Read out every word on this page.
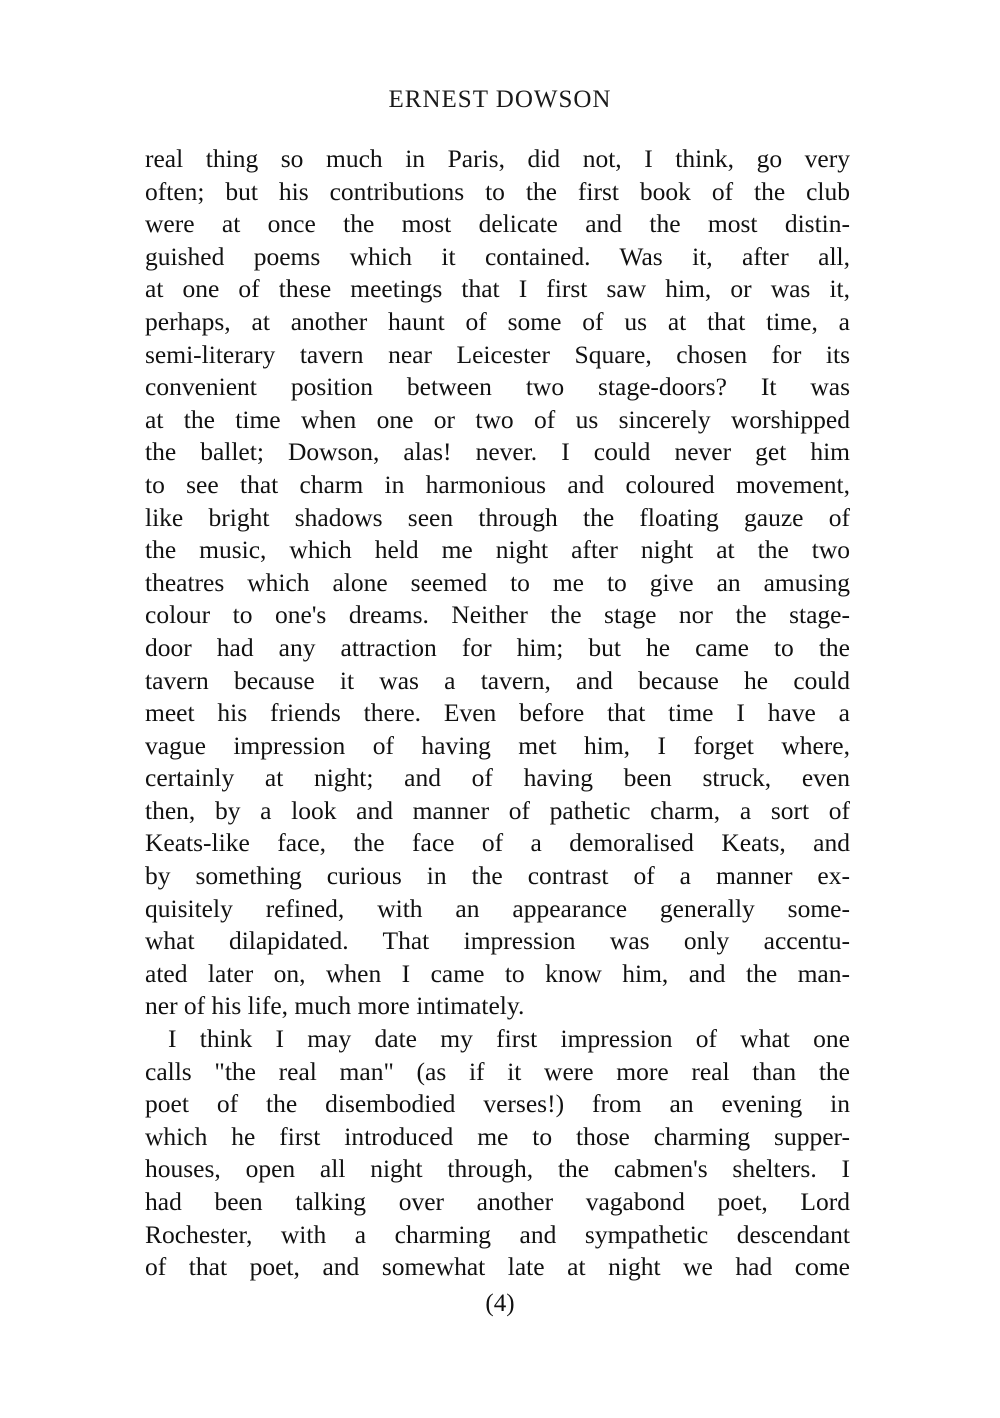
ERNEST DOWSON
real thing so much in Paris, did not, I think, go very
often; but his contributions to the first book of the club
were at once the most delicate and the most distin-
guished poems which it contained. Was it, after all,
at one of these meetings that I first saw him, or was it,
perhaps, at another haunt of some of us at that time, a
semi-literary tavern near Leicester Square, chosen for its
convenient position between two stage-doors? It was
at the time when one or two of us sincerely worshipped
the ballet; Dowson, alas! never. I could never get him
to see that charm in harmonious and coloured movement,
like bright shadows seen through the floating gauze of
the music, which held me night after night at the two
theatres which alone seemed to me to give an amusing
colour to one's dreams. Neither the stage nor the stage-
door had any attraction for him; but he came to the
tavern because it was a tavern, and because he could
meet his friends there. Even before that time I have a
vague impression of having met him, I forget where,
certainly at night; and of having been struck, even
then, by a look and manner of pathetic charm, a sort of
Keats-like face, the face of a demoralised Keats, and
by something curious in the contrast of a manner ex-
quisitely refined, with an appearance generally some-
what dilapidated. That impression was only accentu-
ated later on, when I came to know him, and the man-
ner of his life, much more intimately.
I think I may date my first impression of what one
calls "the real man" (as if it were more real than the
poet of the disembodied verses!) from an evening in
which he first introduced me to those charming supper-
houses, open all night through, the cabmen's shelters. I
had been talking over another vagabond poet, Lord
Rochester, with a charming and sympathetic descendant
of that poet, and somewhat late at night we had come
(4)
